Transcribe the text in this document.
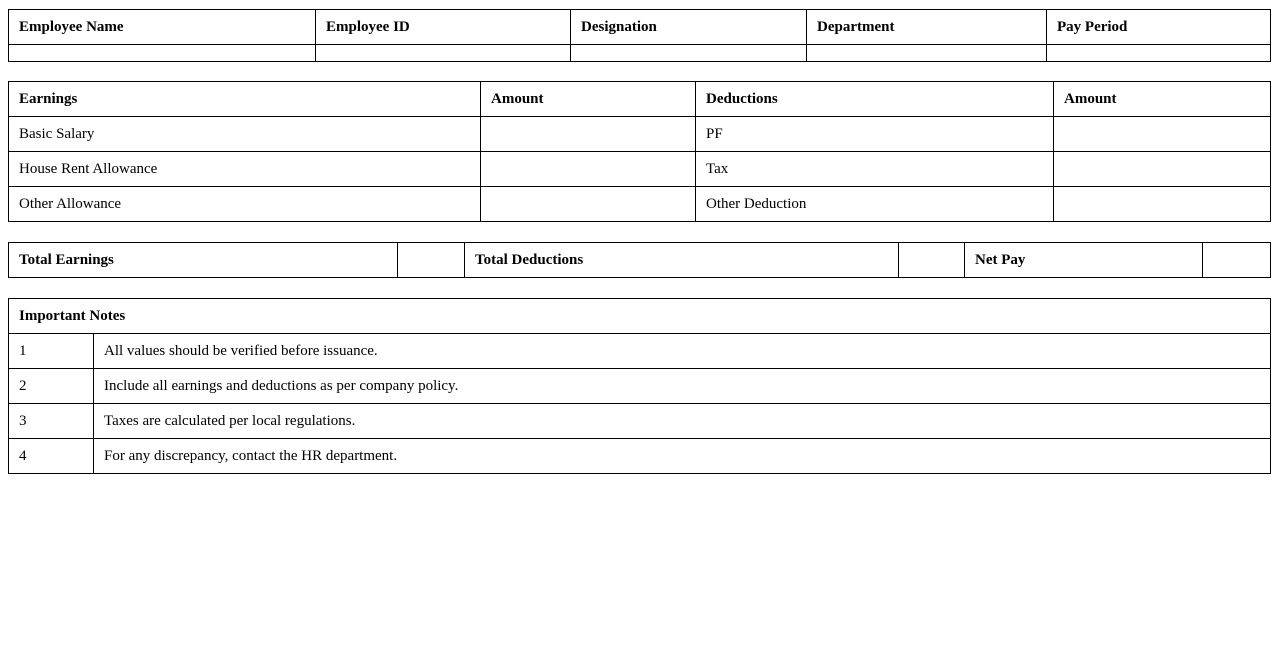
Employee Name	Employee ID	Designation	Department	Pay Period

Earnings	Amount	Deductions	Amount
Basic Salary		PF	
House Rent Allowance		Tax	
Other Allowance		Other Deduction	
Total Earnings		Total Deductions		Net Pay	
Important Notes	
1	All values should be verified before issuance.
2	Include all earnings and deductions as per company policy.
3	Taxes are calculated per local regulations.
4	For any discrepancy, contact the HR department.
